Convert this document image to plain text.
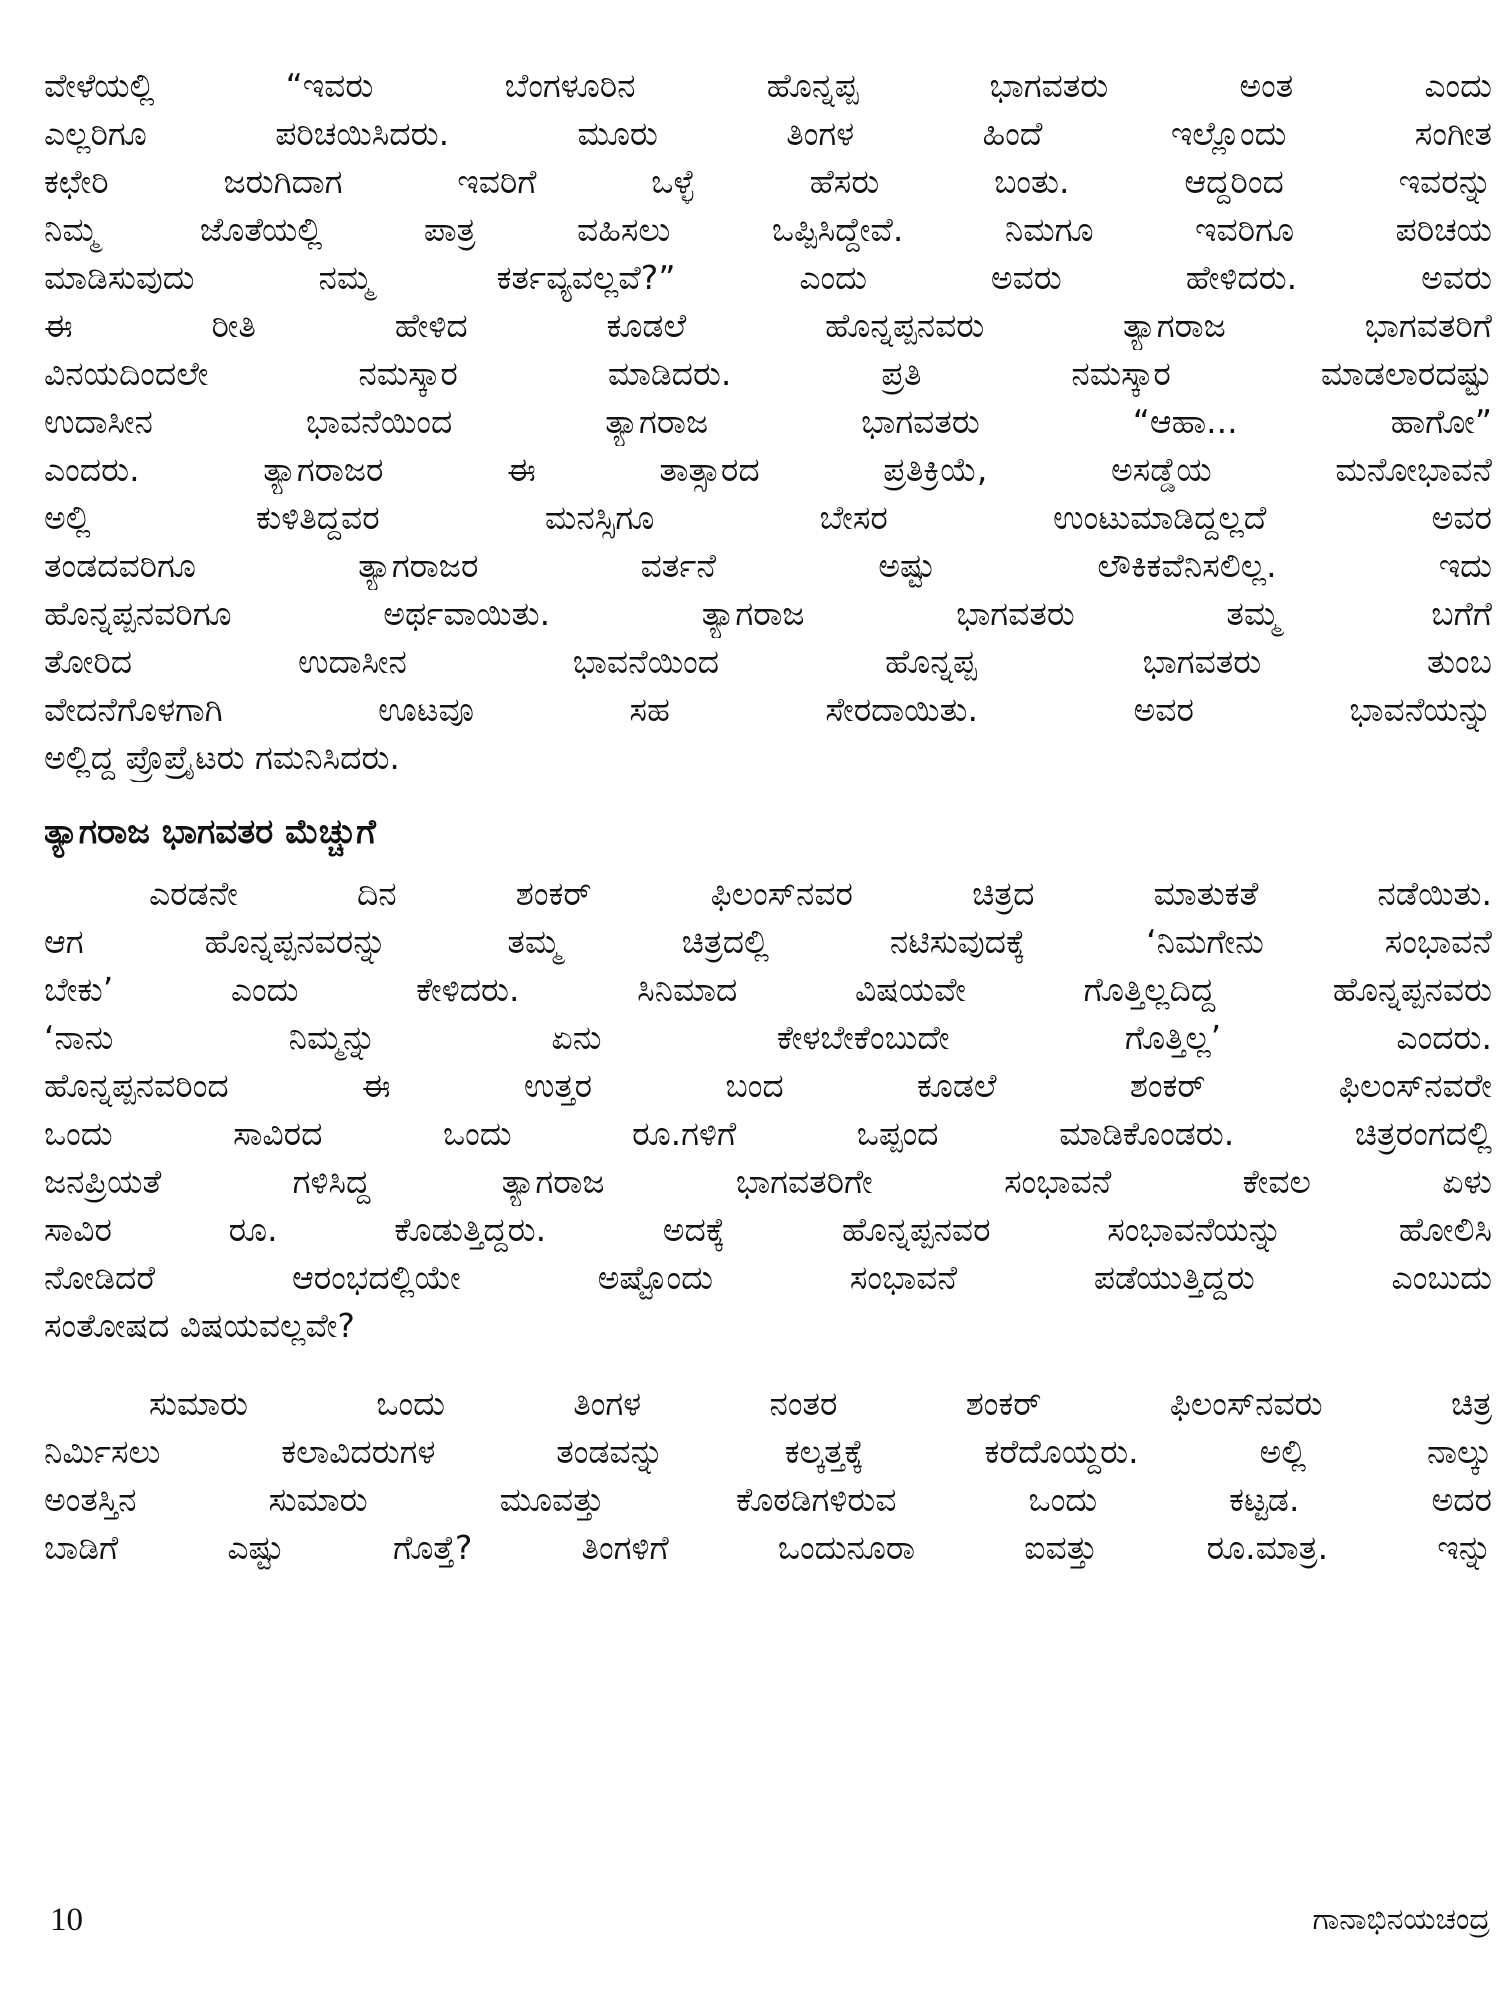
ವೇಳೆಯಲ್ಲಿ “ಇವರು ಬೆಂಗಳೂರಿನ ಹೊನ್ನಪ್ಪ ಭಾಗವತರು ಅಂತ ಎಂದು
ಎಲ್ಲರಿಗೂ ಪರಿಚಯಿಸಿದರು. ಮೂರು ತಿಂಗಳ ಹಿಂದೆ ಇಲ್ಲೊಂದು ಸಂಗೀತ
ಕಛೇರಿ ಜರುಗಿದಾಗ ಇವರಿಗೆ ಒಳ್ಳೆ ಹೆಸರು ಬಂತು. ಆದ್ದರಿಂದ ಇವರನ್ನು
ನಿಮ್ಮ ಜೊತೆಯಲ್ಲಿ ಪಾತ್ರ ವಹಿಸಲು ಒಪ್ಪಿಸಿದ್ದೇವೆ. ನಿಮಗೂ ಇವರಿಗೂ ಪರಿಚಯ
ಮಾಡಿಸುವುದು ನಮ್ಮ ಕರ್ತವ್ಯವಲ್ಲವೆ?” ಎಂದು ಅವರು ಹೇಳಿದರು. ಅವರು
ಈ ರೀತಿ ಹೇಳಿದ ಕೂಡಲೆ ಹೊನ್ನಪ್ಪನವರು ತ್ಯಾಗರಾಜ ಭಾಗವತರಿಗೆ
ವಿನಯದಿಂದಲೇ ನಮಸ್ಕಾರ ಮಾಡಿದರು. ಪ್ರತಿ ನಮಸ್ಕಾರ ಮಾಡಲಾರದಷ್ಟು
ಉದಾಸೀನ ಭಾವನೆಯಿಂದ ತ್ಯಾಗರಾಜ ಭಾಗವತರು “ಆಹಾ... ಹಾಗೋ”
ಎಂದರು. ತ್ಯಾಗರಾಜರ ಈ ತಾತ್ಸಾರದ ಪ್ರತಿಕ್ರಿಯೆ, ಅಸಡ್ಡೆಯ ಮನೋಭಾವನೆ
ಅಲ್ಲಿ ಕುಳಿತಿದ್ದವರ ಮನಸ್ಸಿಗೂ ಬೇಸರ ಉಂಟುಮಾಡಿದ್ದಲ್ಲದೆ ಅವರ
ತಂಡದವರಿಗೂ ತ್ಯಾಗರಾಜರ ವರ್ತನೆ ಅಷ್ಟು ಲೌಕಿಕವೆನಿಸಲಿಲ್ಲ. ಇದು
ಹೊನ್ನಪ್ಪನವರಿಗೂ ಅರ್ಥವಾಯಿತು. ತ್ಯಾಗರಾಜ ಭಾಗವತರು ತಮ್ಮ ಬಗೆಗೆ
ತೋರಿದ ಉದಾಸೀನ ಭಾವನೆಯಿಂದ ಹೊನ್ನಪ್ಪ ಭಾಗವತರು ತುಂಬ
ವೇದನೆಗೊಳಗಾಗಿ ಊಟವೂ ಸಹ ಸೇರದಾಯಿತು. ಅವರ ಭಾವನೆಯನ್ನು
ಅಲ್ಲಿದ್ದ ಪ್ರೊಪ್ರೈಟರು ಗಮನಿಸಿದರು.
ತ್ಯಾಗರಾಜ ಭಾಗವತರ ಮೆಚ್ಚುಗೆ
ಎರಡನೇ ದಿನ ಶಂಕರ್ ಫಿಲಂಸ್‌ನವರ ಚಿತ್ರದ ಮಾತುಕತೆ ನಡೆಯಿತು.
ಆಗ ಹೊನ್ನಪ್ಪನವರನ್ನು ತಮ್ಮ ಚಿತ್ರದಲ್ಲಿ ನಟಿಸುವುದಕ್ಕೆ ‘ನಿಮಗೇನು ಸಂಭಾವನೆ
ಬೇಕು’ ಎಂದು ಕೇಳಿದರು. ಸಿನಿಮಾದ ವಿಷಯವೇ ಗೊತ್ತಿಲ್ಲದಿದ್ದ ಹೊನ್ನಪ್ಪನವರು
‘ನಾನು ನಿಮ್ಮನ್ನು ಏನು ಕೇಳಬೇಕೆಂಬುದೇ ಗೊತ್ತಿಲ್ಲ’ ಎಂದರು.
ಹೊನ್ನಪ್ಪನವರಿಂದ ಈ ಉತ್ತರ ಬಂದ ಕೂಡಲೆ ಶಂಕರ್ ಫಿಲಂಸ್‌ನವರೇ
ಒಂದು ಸಾವಿರದ ಒಂದು ರೂ.ಗಳಿಗೆ ಒಪ್ಪಂದ ಮಾಡಿಕೊಂಡರು. ಚಿತ್ರರಂಗದಲ್ಲಿ
ಜನಪ್ರಿಯತೆ ಗಳಿಸಿದ್ದ ತ್ಯಾಗರಾಜ ಭಾಗವತರಿಗೇ ಸಂಭಾವನೆ ಕೇವಲ ಏಳು
ಸಾವಿರ ರೂ. ಕೊಡುತ್ತಿದ್ದರು. ಅದಕ್ಕೆ ಹೊನ್ನಪ್ಪನವರ ಸಂಭಾವನೆಯನ್ನು ಹೋಲಿಸಿ
ನೋಡಿದರೆ ಆರಂಭದಲ್ಲಿಯೇ ಅಷ್ಟೊಂದು ಸಂಭಾವನೆ ಪಡೆಯುತ್ತಿದ್ದರು ಎಂಬುದು
ಸಂತೋಷದ ವಿಷಯವಲ್ಲವೇ?
ಸುಮಾರು ಒಂದು ತಿಂಗಳ ನಂತರ ಶಂಕರ್ ಫಿಲಂಸ್‌ನವರು ಚಿತ್ರ
ನಿರ್ಮಿಸಲು ಕಲಾವಿದರುಗಳ ತಂಡವನ್ನು ಕಲ್ಕತ್ತಕ್ಕೆ ಕರೆದೊಯ್ದರು. ಅಲ್ಲಿ ನಾಲ್ಕು
ಅಂತಸ್ತಿನ ಸುಮಾರು ಮೂವತ್ತು ಕೊಠಡಿಗಳಿರುವ ಒಂದು ಕಟ್ಟಡ. ಅದರ
ಬಾಡಿಗೆ ಎಷ್ಟು ಗೊತ್ತೆ? ತಿಂಗಳಿಗೆ ಒಂದುನೂರಾ ಐವತ್ತು ರೂ.ಮಾತ್ರ. ಇನ್ನು
10	ಗಾನಾಭಿನಯಚಂದ್ರ
